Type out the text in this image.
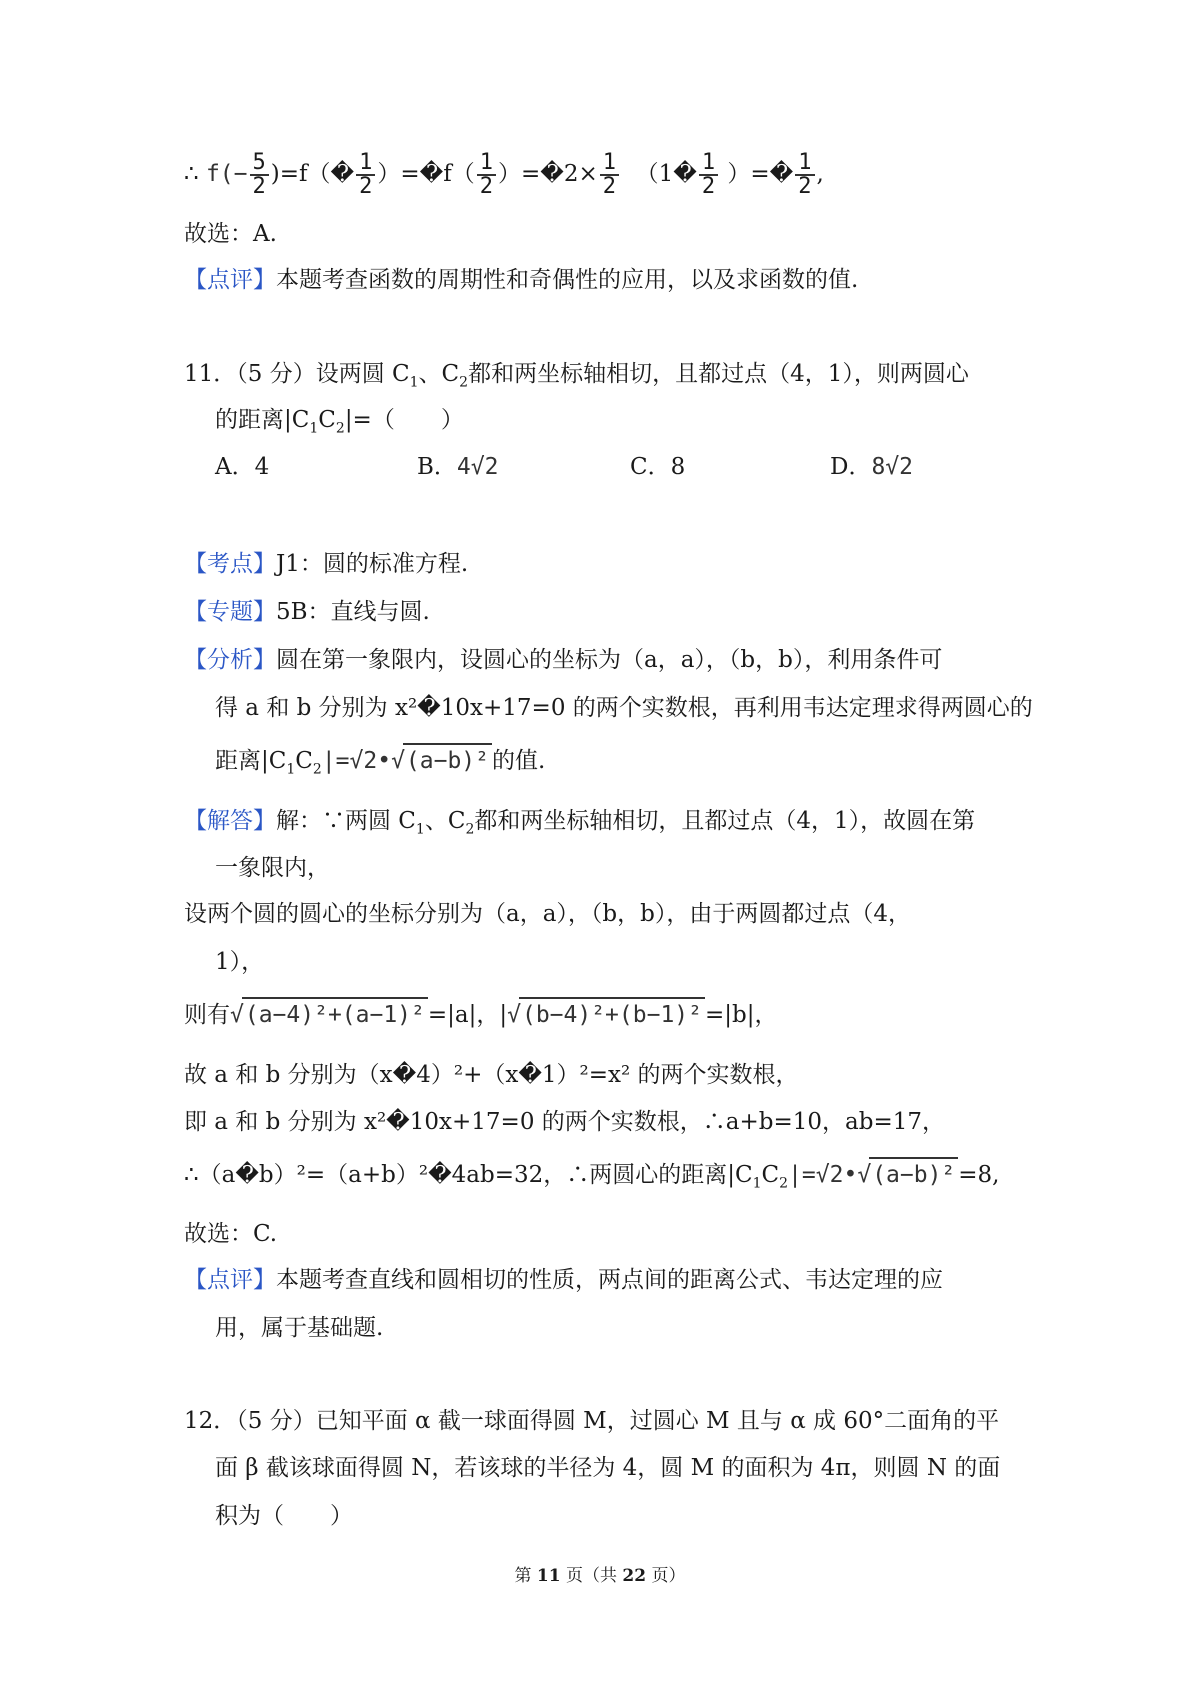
∴ $f(- \frac{5}{2}$ )=f（� $\frac{1}{2}$ ）=�f（ $\frac{1}{2}$ ）=�2× $\frac{1}{2}$ （1� $\frac{1}{2}$ ）=� $\frac{1}{2}$ ,
故选：A.
【点评】本题考查函数的周期性和奇偶性的应用，以及求函数的值.
11．（5 分）设两圆 $C_1$、$C_2$都和两坐标轴相切，且都过点（4，1），则两圆心
的距离$|C_1C_2|=$（　　）
A．4	B．4√2	C．8	D．8√2
【考点】J1：圆的标准方程.
【专题】5B：直线与圆.
【分析】圆在第一象限内，设圆心的坐标为（a，a），（b，b），利用条件可
得 a 和 b 分别为 x²�10x+17=0 的两个实数根，再利用韦达定理求得两圆心的
距离$|C_1C_2|=√2•√(a-b)^2$ 的值.
【解答】解：∵两圆 $C_1$、$C_2$都和两坐标轴相切，且都过点（4，1），故圆在第
一象限内，
设两个圆的圆心的坐标分别为（a，a），（b，b），由于两圆都过点（4，
1），
则有√(a−4)²+(a−1)² =|a|，|√(b−4)²+(b−1)² =|b|，
故 a 和 b 分别为（x�4）²+（x�1）²=x² 的两个实数根，
即 a 和 b 分别为 x²�10x+17=0 的两个实数根，∴a+b=10，ab=17，
∴（a�b）²=（a+b）²�4ab=32，∴两圆心的距离$|C_1C_2|=√2•√(a-b)^2 =8$,
故选：C.
【点评】本题考查直线和圆相切的性质，两点间的距离公式、韦达定理的应
用，属于基础题.
12．（5 分）已知平面 α 截一球面得圆 M，过圆心 M 且与 α 成 60°二面角的平
面 β 截该球面得圆 N，若该球的半径为 4，圆 M 的面积为 4π，则圆 N 的面
积为（　　）
第 11 页（共 22 页）
